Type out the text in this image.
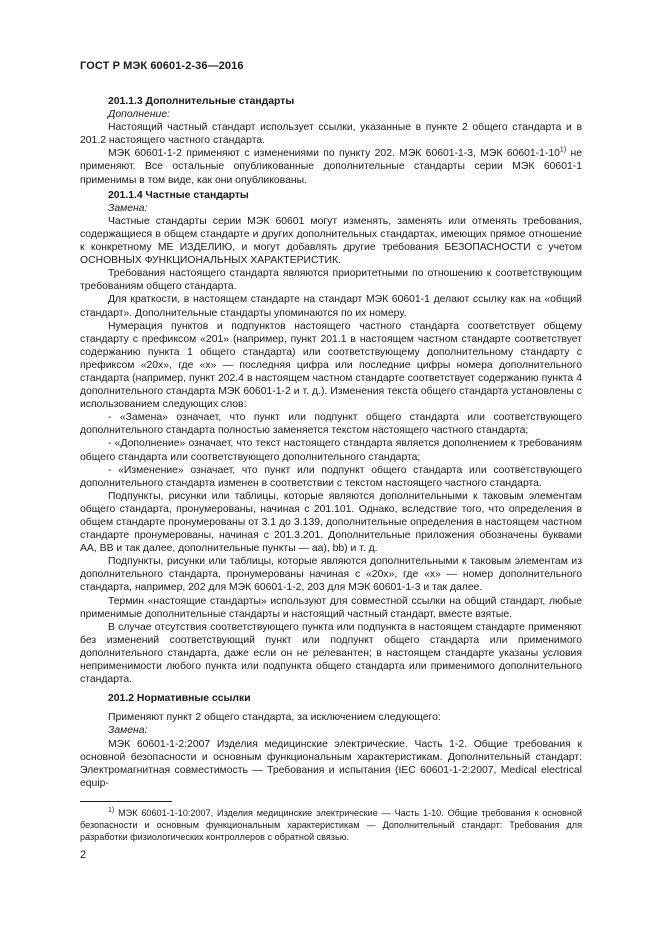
ГОСТ Р МЭК 60601-2-36—2016

201.1.3 Дополнительные стандарты

Дополнение:

Настоящий частный стандарт использует ссылки, указанные в пункте 2 общего стандарта и в 201.2 настоящего частного стандарта.

МЭК 60601-1-2 применяют с изменениями по пункту 202. МЭК 60601-1-3, МЭК 60601-1-10$^{1)}$ не применяют. Все остальные опубликованные дополнительные стандарты серии МЭК 60601-1 применимы в том виде, как они опубликованы.

201.1.4 Частные стандарты

Замена:

Частные стандарты серии МЭК 60601 могут изменять, заменять или отменять требования, содержащиеся в общем стандарте и других дополнительных стандартах, имеющих прямое отношение к конкретному МЕ ИЗДЕЛИЮ, и могут добавлять другие требования БЕЗОПАСНОСТИ с учетом ОСНОВНЫХ ФУНКЦИОНАЛЬНЫХ ХАРАКТЕРИСТИК.

Требования настоящего стандарта являются приоритетными по отношению к соответствующим требованиям общего стандарта.

Для краткости, в настоящем стандарте на стандарт МЭК 60601-1 делают ссылку как на «общий стандарт». Дополнительные стандарты упоминаются по их номеру.

Нумерация пунктов и подпунктов настоящего частного стандарта соответствует общему стандарту с префиксом «201» (например, пункт 201.1 в настоящем частном стандарте соответствует содержанию пункта 1 общего стандарта) или соответствующему дополнительному стандарту с префиксом «20х», где «х» — последняя цифра или последние цифры номера дополнительного стандарта (например, пункт 202.4 в настоящем частном стандарте соответствует содержанию пункта 4 дополнительного стандарта МЭК 60601-1-2 и т. д.). Изменения текста общего стандарта установлены с использованием следующих слов:

- «Замена» означает, что пункт или подпункт общего стандарта или соответствующего дополнительного стандарта полностью заменяется текстом настоящего частного стандарта;

- «Дополнение» означает, что текст настоящего стандарта является дополнением к требованиям общего стандарта или соответствующего дополнительного стандарта;

- «Изменение» означает, что пункт или подпункт общего стандарта или соответствующего дополнительного стандарта изменен в соответствии с текстом настоящего частного стандарта.

Подпункты, рисунки или таблицы, которые являются дополнительными к таковым элементам общего стандарта, пронумерованы, начиная с 201.101. Однако, вследствие того, что определения в общем стандарте пронумерованы от 3.1 до 3.139, дополнительные определения в настоящем частном стандарте пронумерованы, начиная с 201.3.201. Дополнительные приложения обозначены буквами АА, ВВ и так далее, дополнительные пункты — аа), bb) и т. д.

Подпункты, рисунки или таблицы, которые являются дополнительными к таковым элементам из дополнительного стандарта, пронумерованы начиная с «20х», где «х» — номер дополнительного стандарта, например, 202 для МЭК 60601-1-2, 203 для МЭК 60601-1-3 и так далее.

Термин «настоящие стандарты» используют для совместной ссылки на общий стандарт, любые применимые дополнительные стандарты и настоящий частный стандарт, вместе взятые.

В случае отсутствия соответствующего пункта или подпункта в настоящем стандарте применяют без изменений соответствующий пункт или подпункт общего стандарта или применимого дополнительного стандарта, даже если он не релевантен; в настоящем стандарте указаны условия неприменимости любого пункта или подпункта общего стандарта или применимого дополнительного стандарта.

201.2 Нормативные ссылки

Применяют пункт 2 общего стандарта, за исключением следующего:

Замена:

МЭК 60601-1-2:2007 Изделия медицинские электрические. Часть 1-2. Общие требования к основной безопасности и основным функциональным характеристикам. Дополнительный стандарт: Электромагнитная совместимость — Требования и испытания (IEC 60601-1-2:2007, Medical electrical equip-

$^{1)}$ МЭК 60601-1-10:2007, Изделия медицинские электрические — Часть 1-10. Общие требования к основной безопасности и основным функциональным характеристикам — Дополнительный стандарт: Требования для разработки физиологических контроллеров с обратной связью.

2
